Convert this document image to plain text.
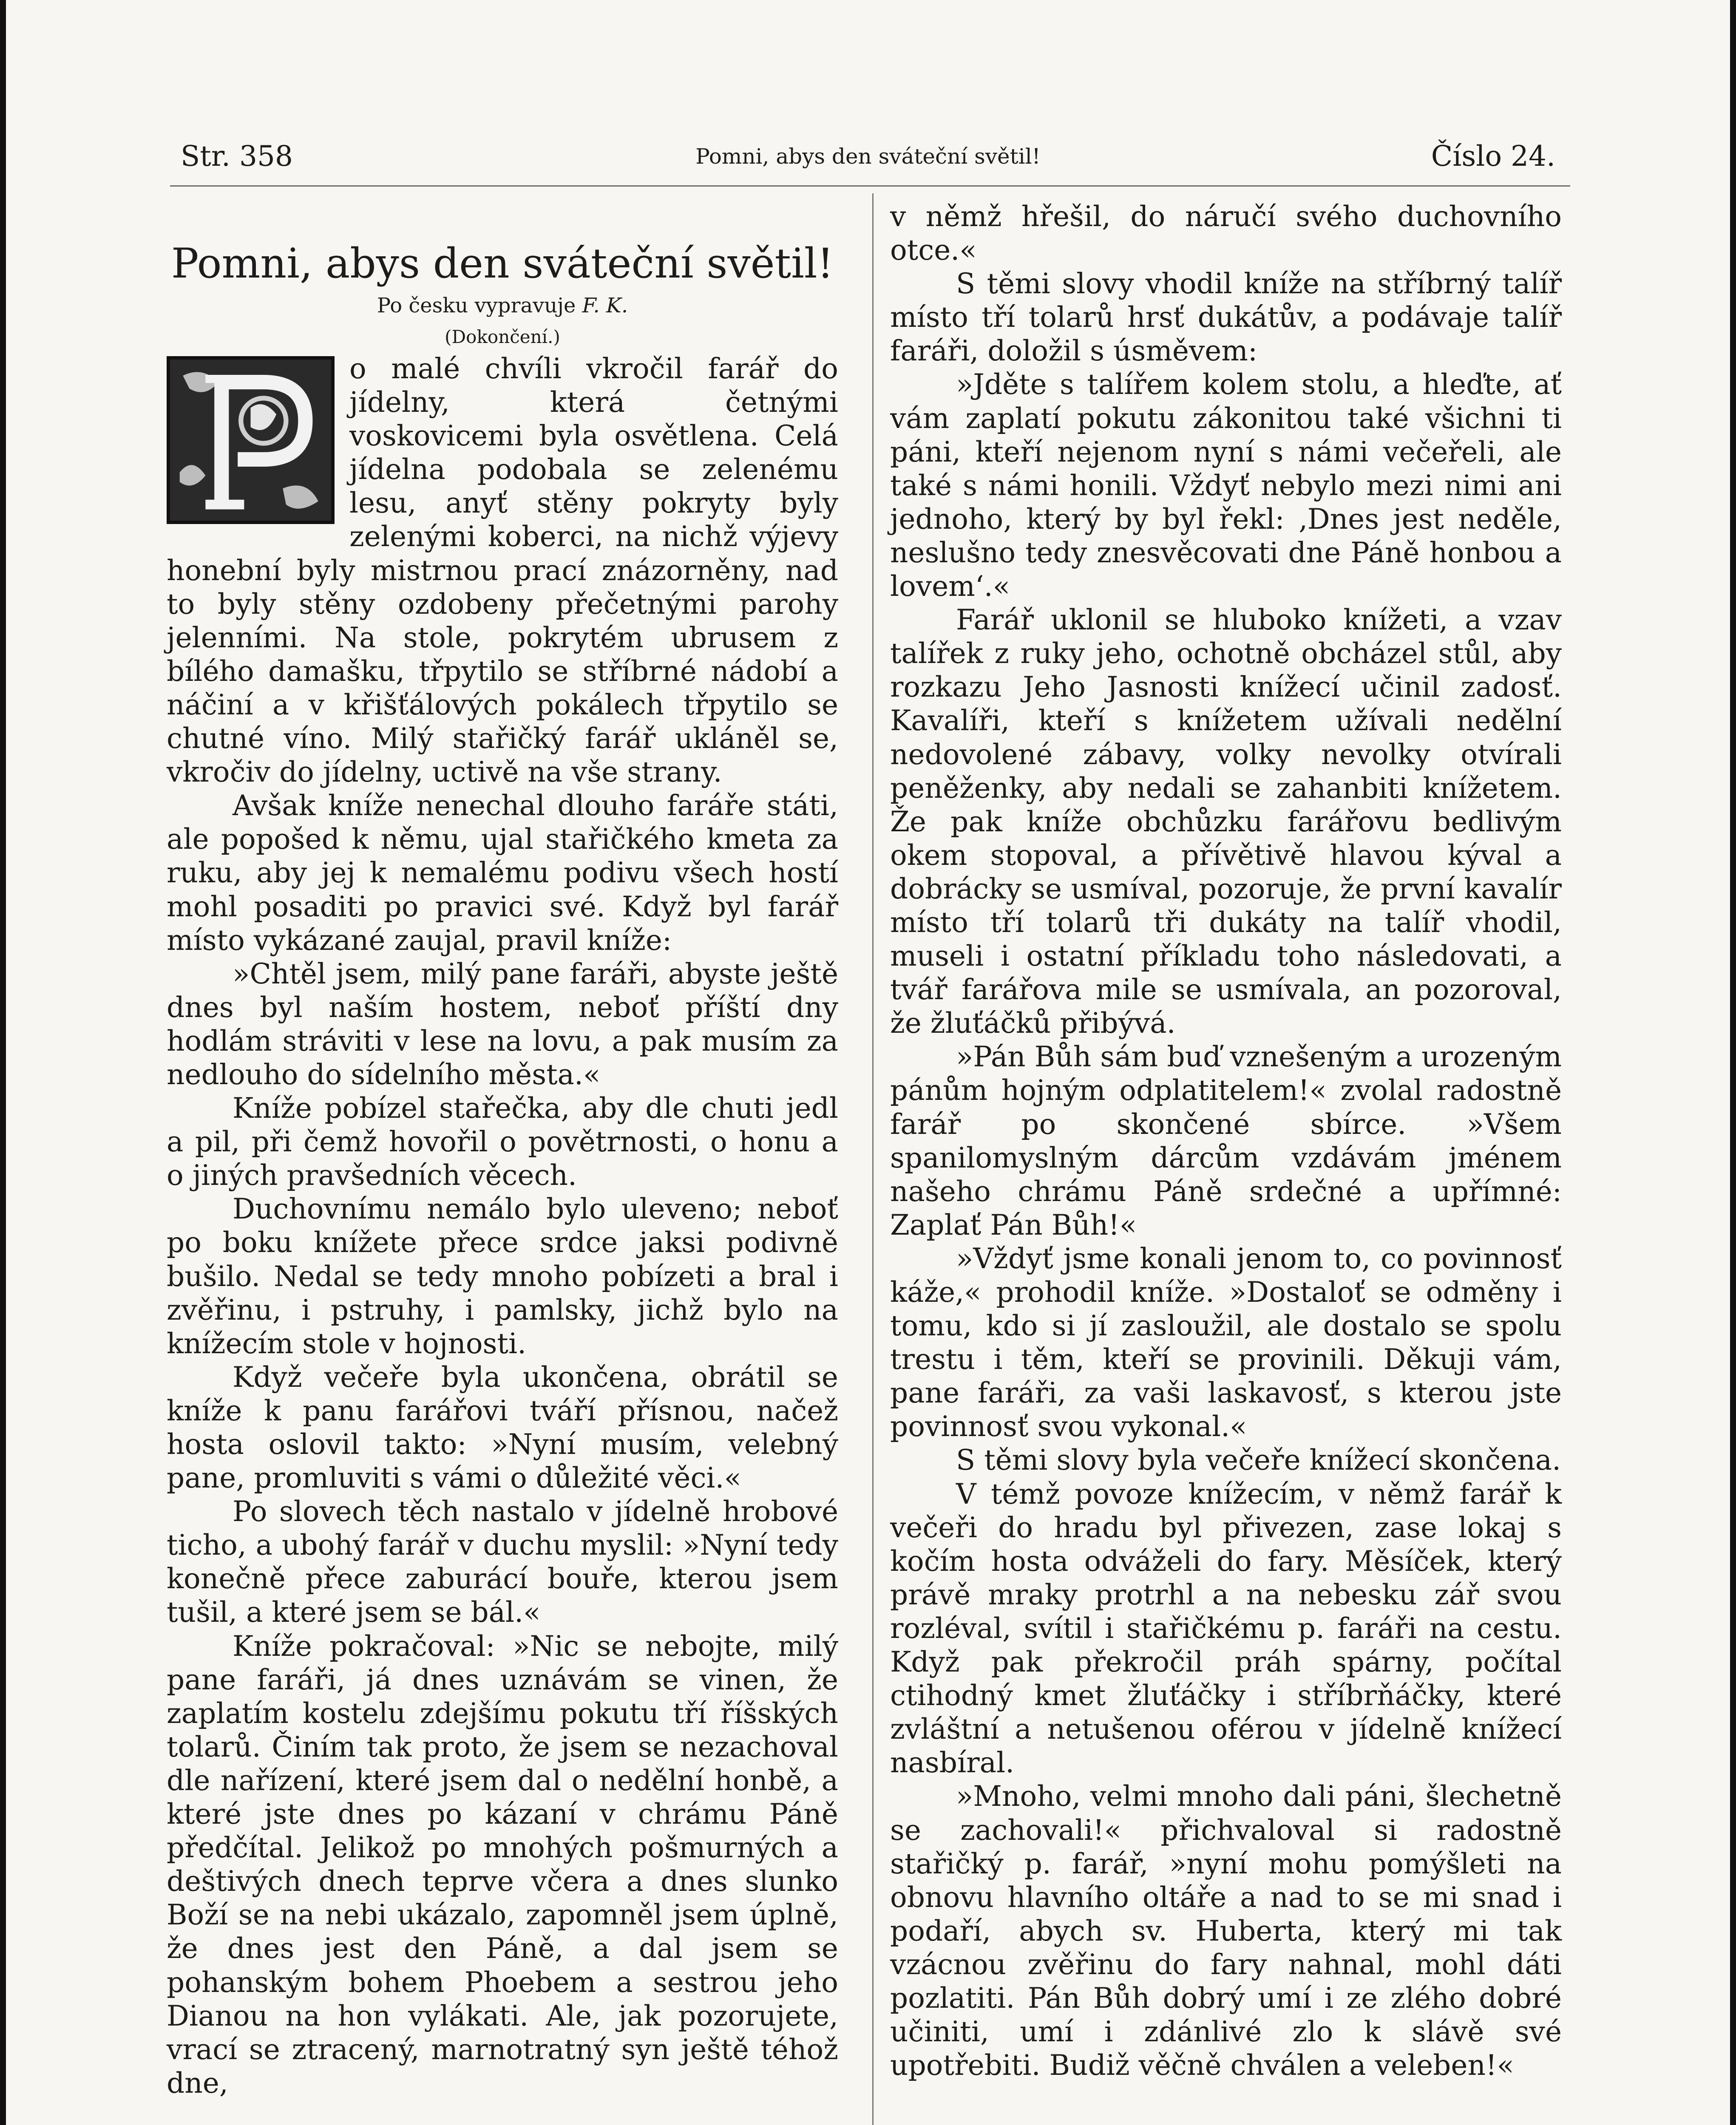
Str. 358	Pomni, abys den sváteční světil!	Číslo 24.

Pomni, abys den sváteční světil!

Po česku vypravuje F. K.

(Dokončení.)

o malé chvíli vkročil farář do jídelny, která četnými voskovicemi byla osvětlena. Celá jídelna podobala se zelenému lesu, anyť stěny pokryty byly zelenými koberci, na nichž výjevy honební byly mistrnou prací znázorněny, nad to byly stěny ozdobeny přečetnými parohy jelenními. Na stole, pokrytém ubrusem z bílého damašku, třpytilo se stříbrné nádobí a náčiní a v křišťálových pokálech třpytilo se chutné víno. Milý stařičký farář ukláněl se, vkročiv do jídelny, uctivě na vše strany.

Avšak kníže nenechal dlouho faráře státi, ale popošed k němu, ujal stařičkého kmeta za ruku, aby jej k nemalému podivu všech hostí mohl posaditi po pravici své. Když byl farář místo vykázané zaujal, pravil kníže:

»Chtěl jsem, milý pane faráři, abyste ještě dnes byl naším hostem, neboť příští dny hodlám stráviti v lese na lovu, a pak musím za nedlouho do sídelního města.«

Kníže pobízel stařečka, aby dle chuti jedl a pil, při čemž hovořil o povětrnosti, o honu a o jiných pravšedních věcech.

Duchovnímu nemálo bylo uleveno; neboť po boku knížete přece srdce jaksi podivně bušilo. Nedal se tedy mnoho pobízeti a bral i zvěřinu, i pstruhy, i pamlsky, jichž bylo na knížecím stole v hojnosti.

Když večeře byla ukončena, obrátil se kníže k panu farářovi tváří přísnou, načež hosta oslovil takto: »Nyní musím, velebný pane, promluviti s vámi o důležité věci.«

Po slovech těch nastalo v jídelně hrobové ticho, a ubohý farář v duchu myslil: »Nyní tedy konečně přece zaburácí bouře, kterou jsem tušil, a které jsem se bál.«

Kníže pokračoval: »Nic se nebojte, milý pane faráři, já dnes uznávám se vinen, že zaplatím kostelu zdejšímu pokutu tří říšských tolarů. Činím tak proto, že jsem se nezachoval dle nařízení, které jsem dal o nedělní honbě, a které jste dnes po kázaní v chrámu Páně předčítal. Jelikož po mnohých pošmurných a deštivých dnech teprve včera a dnes slunko Boží se na nebi ukázalo, zapomněl jsem úplně, že dnes jest den Páně, a dal jsem se pohanským bohem Phoebem a sestrou jeho Dianou na hon vylákati. Ale, jak pozorujete, vrací se ztracený, marnotratný syn ještě téhož dne,

v němž hřešil, do náručí svého duchovního otce.«

S těmi slovy vhodil kníže na stříbrný talíř místo tří tolarů hrsť dukátův, a podávaje talíř faráři, doložil s úsměvem:

»Jděte s talířem kolem stolu, a hleďte, ať vám zaplatí pokutu zákonitou také všichni ti páni, kteří nejenom nyní s námi večeřeli, ale také s námi honili. Vždyť nebylo mezi nimi ani jednoho, který by byl řekl: ‚Dnes jest neděle, neslušno tedy znesvěcovati dne Páně honbou a lovem‘.«

Farář uklonil se hluboko knížeti, a vzav talířek z ruky jeho, ochotně obcházel stůl, aby rozkazu Jeho Jasnosti knížecí učinil zadosť. Kavalíři, kteří s knížetem užívali nedělní nedovolené zábavy, volky nevolky otvírali peněženky, aby nedali se zahanbiti knížetem. Že pak kníže obchůzku farářovu bedlivým okem stopoval, a přívětivě hlavou kýval a dobrácky se usmíval, pozoruje, že první kavalír místo tří tolarů tři dukáty na talíř vhodil, museli i ostatní příkladu toho následovati, a tvář farářova mile se usmívala, an pozoroval, že žluťáčků přibývá.

»Pán Bůh sám buď vznešeným a urozeným pánům hojným odplatitelem!« zvolal radostně farář po skončené sbírce. »Všem spanilomyslným dárcům vzdávám jménem našeho chrámu Páně srdečné a upřímné: Zaplať Pán Bůh!«

»Vždyť jsme konali jenom to, co povinnosť káže,« prohodil kníže. »Dostaloť se odměny i tomu, kdo si jí zasloužil, ale dostalo se spolu trestu i těm, kteří se provinili. Děkuji vám, pane faráři, za vaši laskavosť, s kterou jste povinnosť svou vykonal.«

S těmi slovy byla večeře knížecí skončena.

V témž povoze knížecím, v němž farář k večeři do hradu byl přivezen, zase lokaj s kočím hosta odváželi do fary. Měsíček, který právě mraky protrhl a na nebesku zář svou rozléval, svítil i stařičkému p. faráři na cestu. Když pak překročil práh spárny, počítal ctihodný kmet žluťáčky i stříbrňáčky, které zvláštní a netušenou oférou v jídelně knížecí nasbíral.

»Mnoho, velmi mnoho dali páni, šlechetně se zachovali!« přichvaloval si radostně stařičký p. farář, »nyní mohu pomýšleti na obnovu hlavního oltáře a nad to se mi snad i podaří, abych sv. Huberta, který mi tak vzácnou zvěřinu do fary nahnal, mohl dáti pozlatiti. Pán Bůh dobrý umí i ze zlého dobré učiniti, umí i zdánlivé zlo k slávě své upotřebiti. Budiž věčně chválen a veleben!«
